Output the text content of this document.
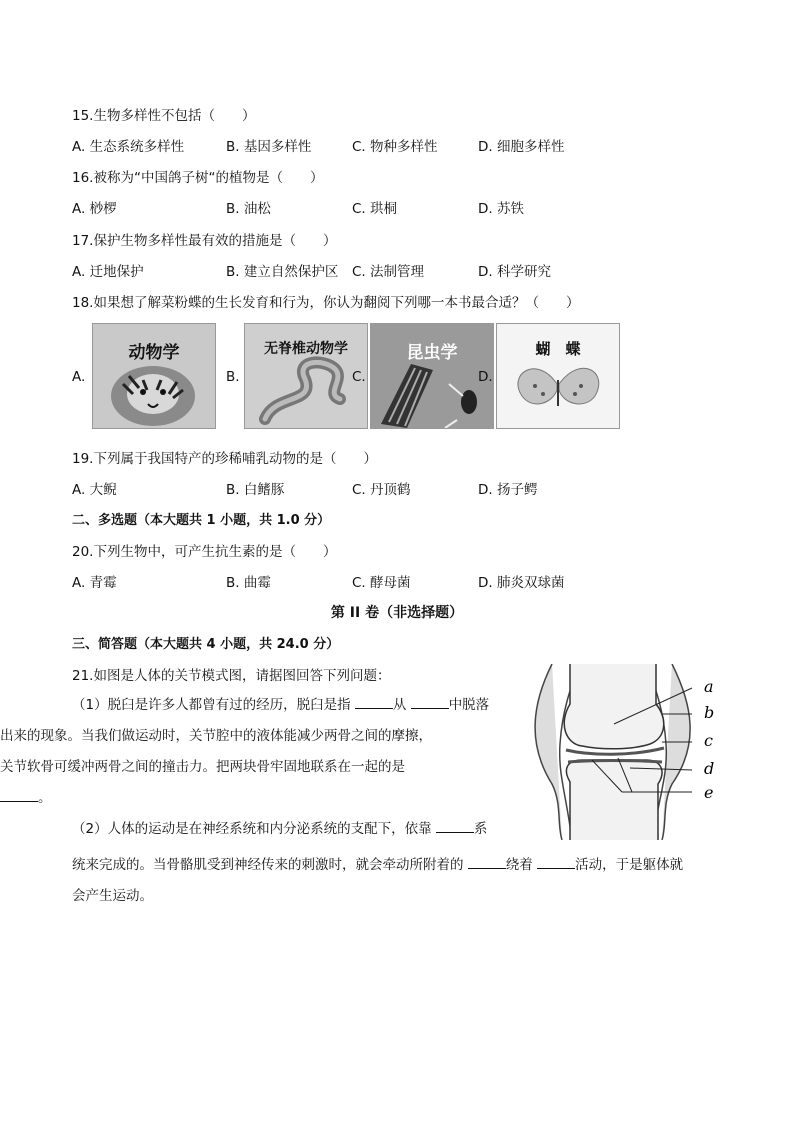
15.生物多样性不包括（　　）
A. 生态系统多样性	B. 基因多样性	C. 物种多样性	D. 细胞多样性
16.被称为“中国鸽子树“的植物是（　　）
A. 桫椤	B. 油松	C. 珙桐	D. 苏铁
17.保护生物多样性最有效的措施是（　　）
A. 迁地保护	B. 建立自然保护区 C. 法制管理	D. 科学研究
18.如果想了解菜粉蝶的生长发育和行为，你认为翻阅下列哪一本书最合适？（　　）
A.
动物学
B.
无脊椎动物学
C.
昆虫学
D.
蝴　蝶
19.下列属于我国特产的珍稀哺乳动物的是（　　）
A. 大鲵	B. 白鳍豚	C. 丹顶鹤	D. 扬子鳄
二、多选题（本大题共 1 小题，共 1.0 分）
20.下列生物中，可产生抗生素的是（　　）
A. 青霉	B. 曲霉	C. 酵母菌	D. 肺炎双球菌
第 II 卷（非选择题）
三、简答题（本大题共 4 小题，共 24.0 分）
21.如图是人体的关节模式图，请据图回答下列问题：
（1）脱臼是许多人都曾有过的经历，脱臼是指	从	中脱落
出来的现象。当我们做运动时，关节腔中的液体能减少两骨之间的摩擦，
关节软骨可缓冲两骨之间的撞击力。把两块骨牢固地联系在一起的是
。
（2）人体的运动是在神经系统和内分泌系统的支配下，依靠	系
统来完成的。当骨骼肌受到神经传来的刺激时，就会牵动所附着的	绕着	活动，于是躯体就
会产生运动。
a
b
c
d
e
